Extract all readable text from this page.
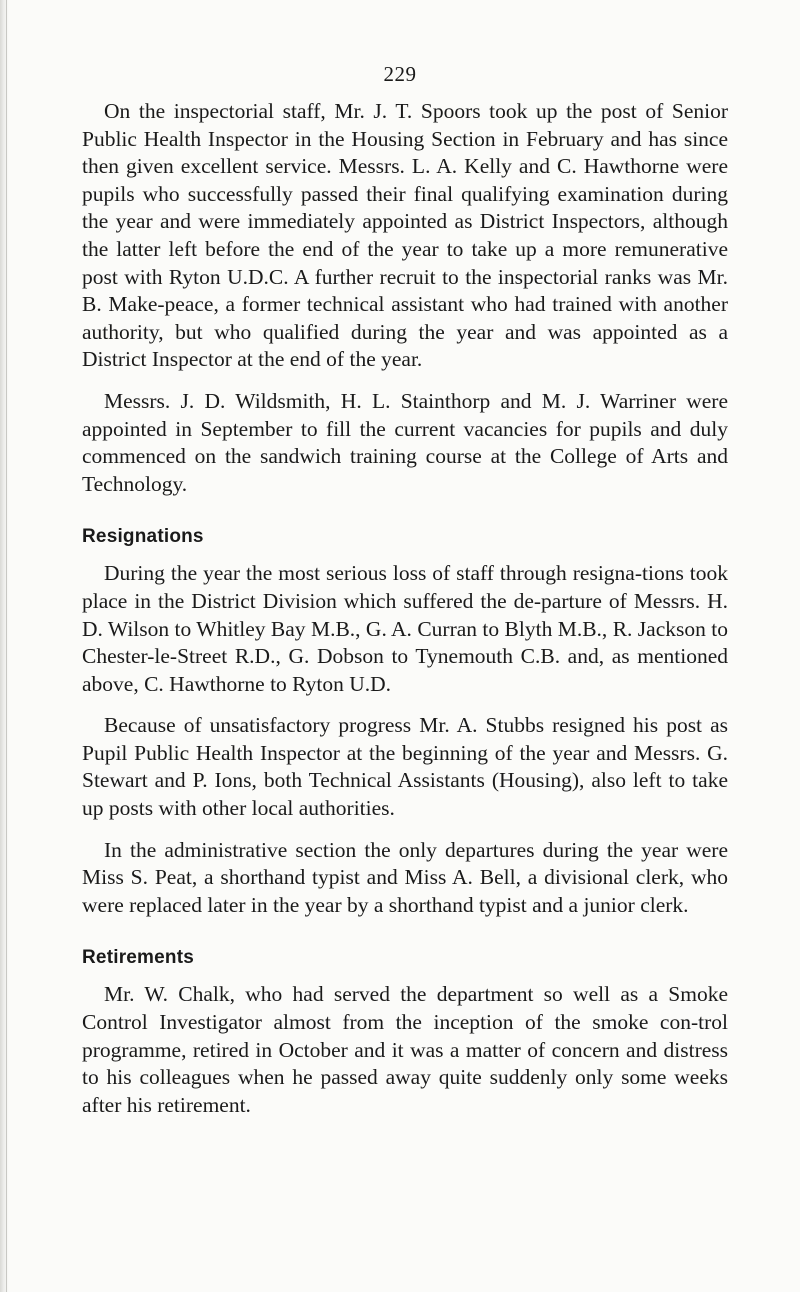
229

On the inspectorial staff, Mr. J. T. Spoors took up the post of Senior Public Health Inspector in the Housing Section in February and has since then given excellent service. Messrs. L. A. Kelly and C. Hawthorne were pupils who successfully passed their final qualifying examination during the year and were immediately appointed as District Inspectors, although the latter left before the end of the year to take up a more remunerative post with Ryton U.D.C. A further recruit to the inspectorial ranks was Mr. B. Make-peace, a former technical assistant who had trained with another authority, but who qualified during the year and was appointed as a District Inspector at the end of the year.

Messrs. J. D. Wildsmith, H. L. Stainthorp and M. J. Warriner were appointed in September to fill the current vacancies for pupils and duly commenced on the sandwich training course at the College of Arts and Technology.

Resignations

During the year the most serious loss of staff through resigna-tions took place in the District Division which suffered the de-parture of Messrs. H. D. Wilson to Whitley Bay M.B., G. A. Curran to Blyth M.B., R. Jackson to Chester-le-Street R.D., G. Dobson to Tynemouth C.B. and, as mentioned above, C. Hawthorne to Ryton U.D.

Because of unsatisfactory progress Mr. A. Stubbs resigned his post as Pupil Public Health Inspector at the beginning of the year and Messrs. G. Stewart and P. Ions, both Technical Assistants (Housing), also left to take up posts with other local authorities.

In the administrative section the only departures during the year were Miss S. Peat, a shorthand typist and Miss A. Bell, a divisional clerk, who were replaced later in the year by a shorthand typist and a junior clerk.

Retirements

Mr. W. Chalk, who had served the department so well as a Smoke Control Investigator almost from the inception of the smoke con-trol programme, retired in October and it was a matter of concern and distress to his colleagues when he passed away quite suddenly only some weeks after his retirement.
